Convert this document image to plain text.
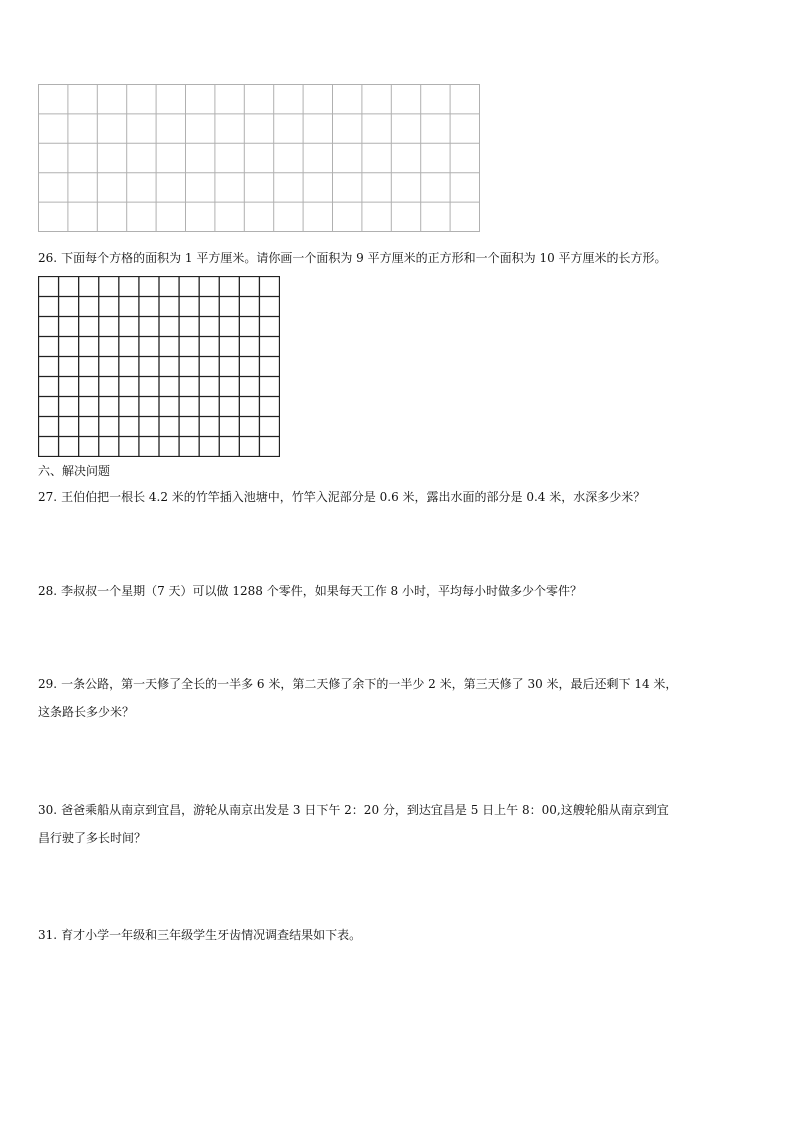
26. 下面每个方格的面积为 1 平方厘米。请你画一个面积为 9 平方厘米的正方形和一个面积为 10 平方厘米的长方形。
六、解决问题
27. 王伯伯把一根长 4.2 米的竹竿插入池塘中，竹竿入泥部分是 0.6 米，露出水面的部分是 0.4 米，水深多少米？
28. 李叔叔一个星期（7 天）可以做 1288 个零件，如果每天工作 8 小时，平均每小时做多少个零件？
29. 一条公路，第一天修了全长的一半多 6 米，第二天修了余下的一半少 2 米，第三天修了 30 米，最后还剩下 14 米，
这条路长多少米？
30. 爸爸乘船从南京到宜昌，游轮从南京出发是 3 日下午 2：20 分，到达宜昌是 5 日上午 8：00,这艘轮船从南京到宜
昌行驶了多长时间？
31. 育才小学一年级和三年级学生牙齿情况调查结果如下表。
